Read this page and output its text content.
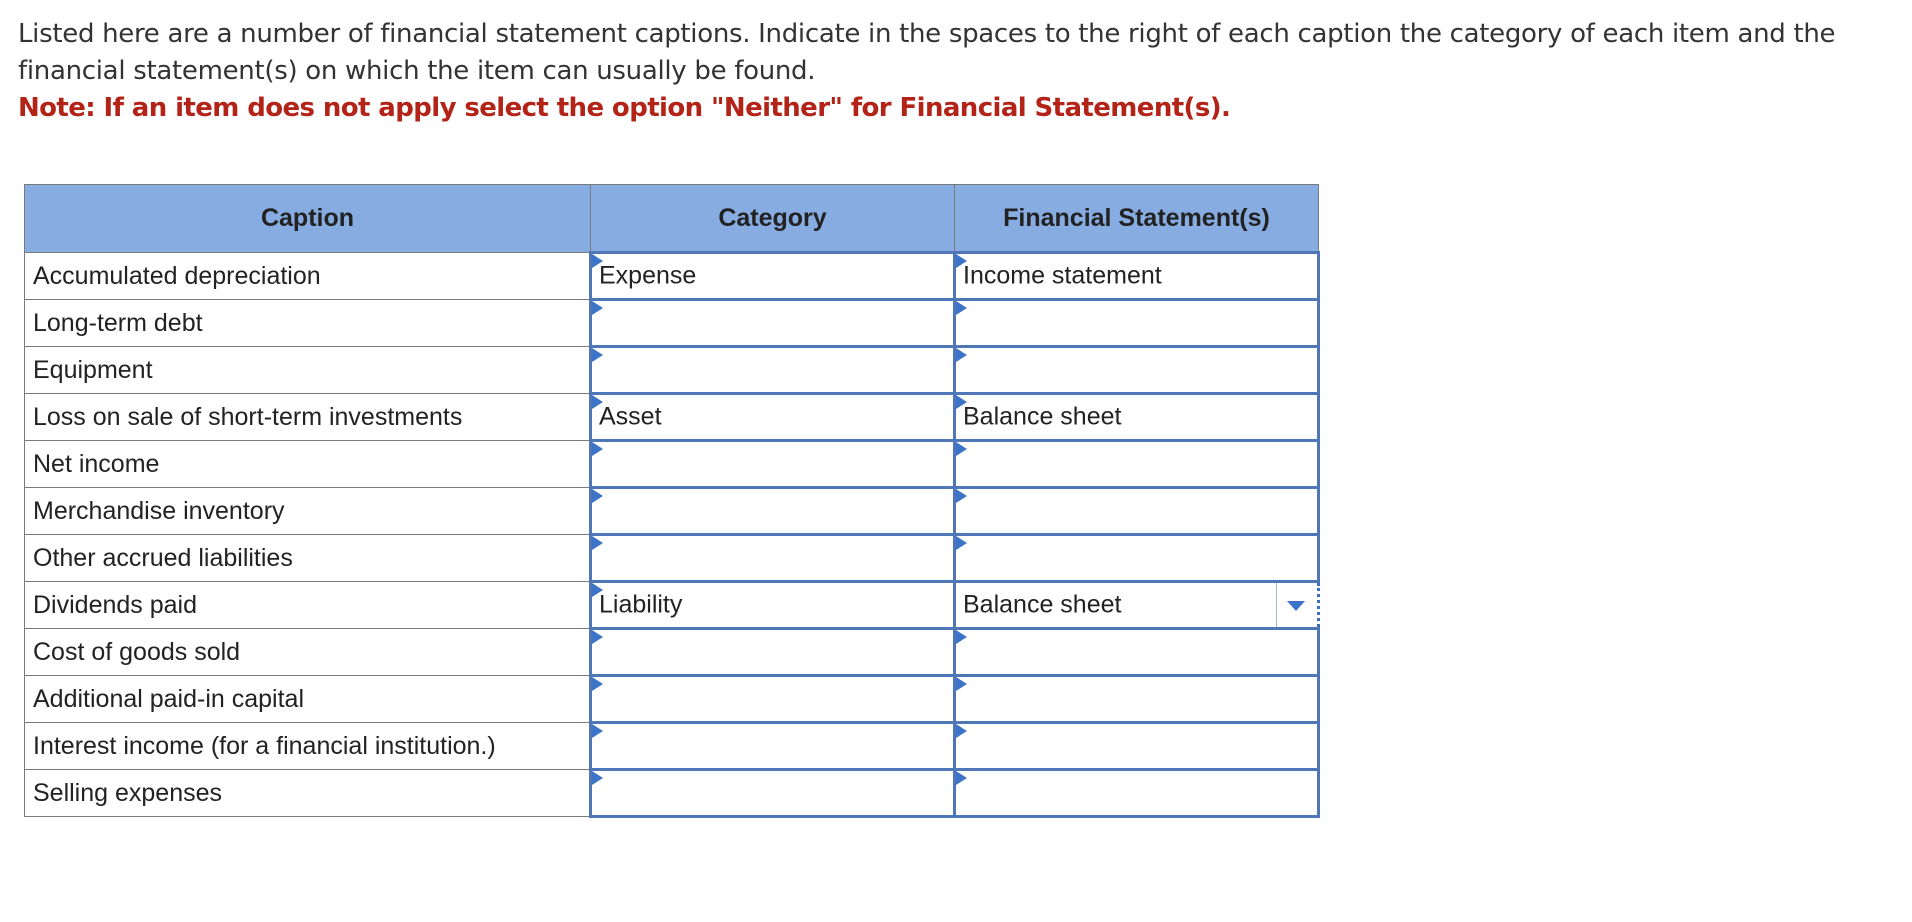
Listed here are a number of financial statement captions. Indicate in the spaces to the right of each caption the category of each item and the financial statement(s) on which the item can usually be found.

Note: If an item does not apply select the option "Neither" for Financial Statement(s).

Caption	Category	Financial Statement(s)
Accumulated depreciation	Expense	Income statement

Long-term debt	

Equipment	

Loss on sale of short-term investments	Asset	Balance sheet

Net income	

Merchandise inventory	

Other accrued liabilities	

Dividends paid	Liability	Balance sheet

Cost of goods sold	

Additional paid-in capital	

Interest income (for a financial institution.)	

Selling expenses	
